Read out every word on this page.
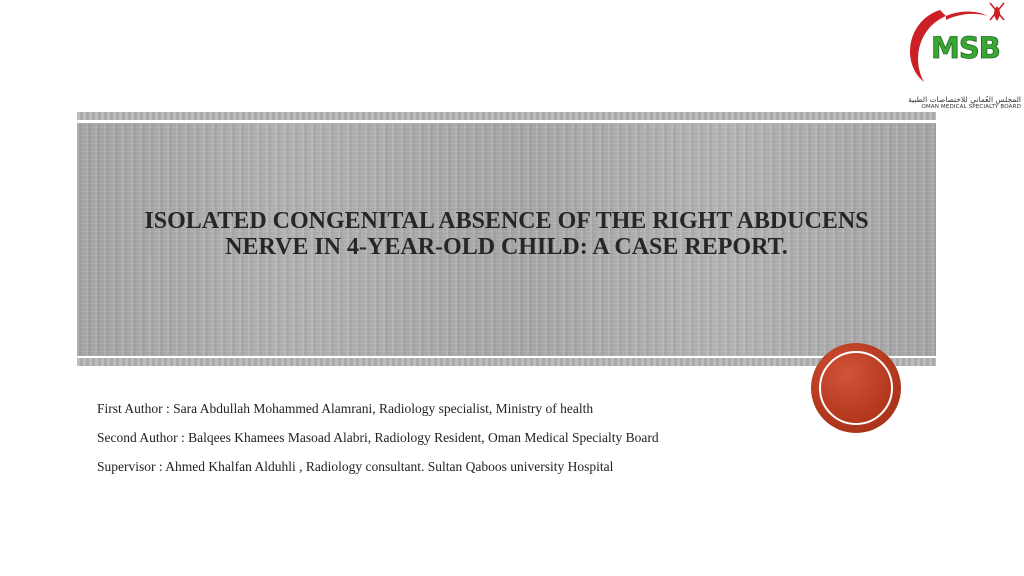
ISOLATED CONGENITAL ABSENCE OF THE RIGHT ABDUCENS NERVE IN 4-YEAR-OLD CHILD: A CASE REPORT.
First Author : Sara Abdullah Mohammed Alamrani, Radiology specialist, Ministry of health
Second Author : Balqees Khamees Masoad Alabri, Radiology Resident, Oman Medical Specialty Board
Supervisor : Ahmed Khalfan Alduhli , Radiology consultant. Sultan Qaboos university Hospital
MSB
المجلس العُماني للاختصاصات الطبية
OMAN MEDICAL SPECIALTY BOARD
